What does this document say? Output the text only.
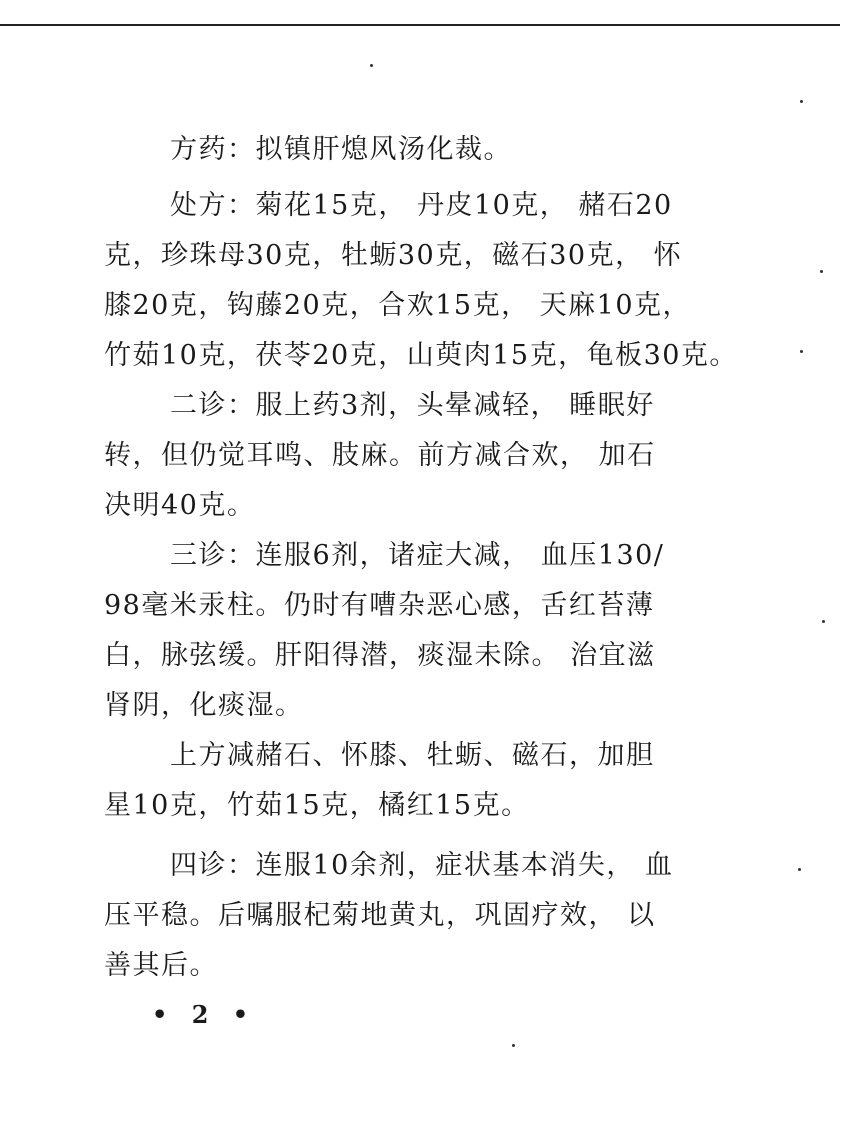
方药：拟镇肝熄风汤化裁。
处方：菊花15克， 丹皮10克， 赭石20
克，珍珠母30克，牡蛎30克，磁石30克， 怀
膝20克，钩藤20克，合欢15克， 天麻10克，
竹茹10克，茯苓20克，山萸肉15克，龟板30克。
二诊：服上药3剂，头晕减轻， 睡眠好
转，但仍觉耳鸣、肢麻。前方减合欢， 加石
决明40克。
三诊：连服6剂，诸症大减， 血压130/
98毫米汞柱。仍时有嘈杂恶心感，舌红苔薄
白，脉弦缓。肝阳得潜，痰湿未除。 治宜滋
肾阴，化痰湿。
上方减赭石、怀膝、牡蛎、磁石，加胆
星10克，竹茹15克，橘红15克。
四诊：连服10余剂，症状基本消失， 血
压平稳。后嘱服杞菊地黄丸，巩固疗效， 以
善其后。
• 2 •
